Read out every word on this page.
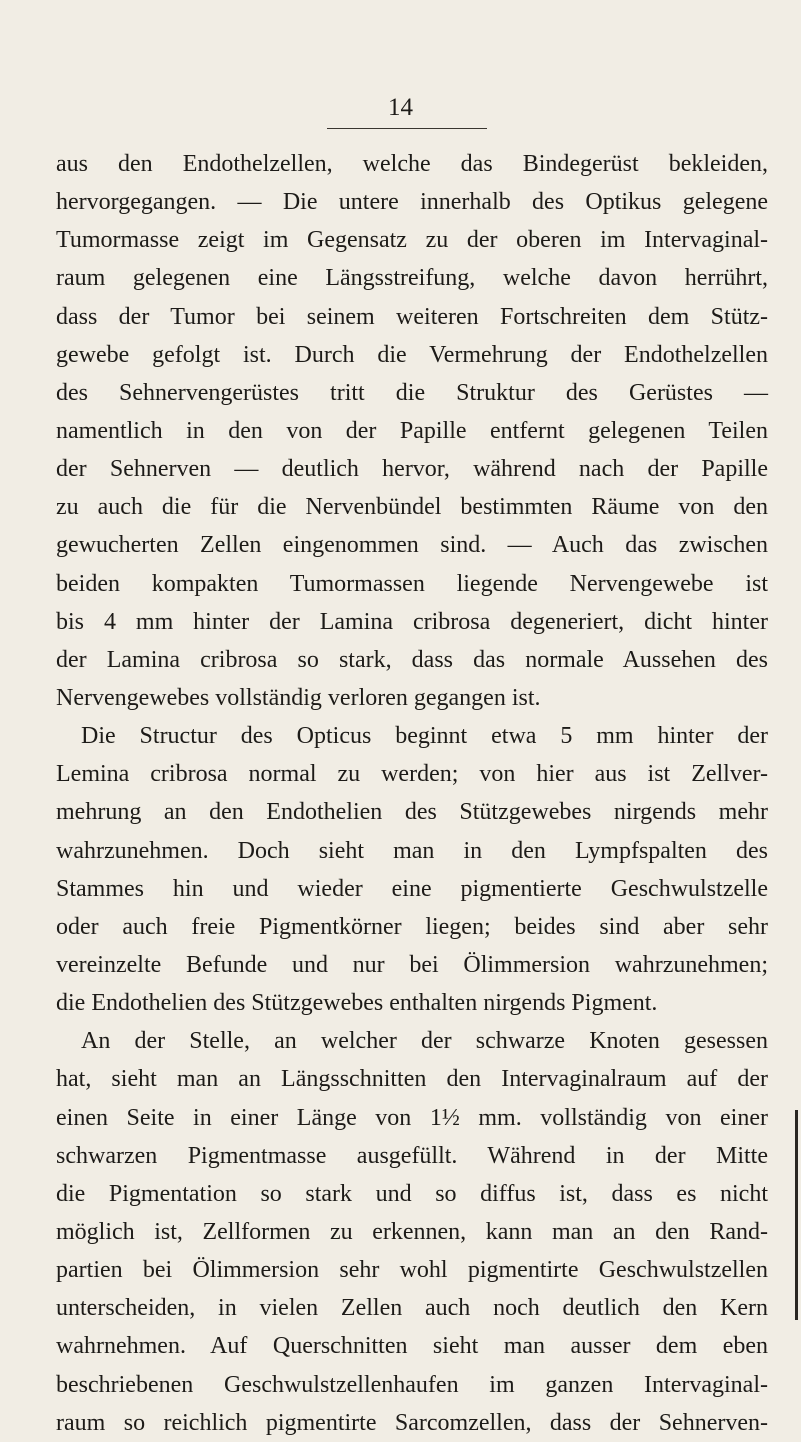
14
aus den Endothelzellen, welche das Bindegerüst bekleiden,
hervorgegangen. — Die untere innerhalb des Optikus gelegene
Tumormasse zeigt im Gegensatz zu der oberen im Intervaginal-
raum gelegenen eine Längsstreifung, welche davon herrührt,
dass der Tumor bei seinem weiteren Fortschreiten dem Stütz-
gewebe gefolgt ist. Durch die Vermehrung der Endothelzellen
des Sehnervengerüstes tritt die Struktur des Gerüstes —
namentlich in den von der Papille entfernt gelegenen Teilen
der Sehnerven — deutlich hervor, während nach der Papille
zu auch die für die Nervenbündel bestimmten Räume von den
gewucherten Zellen eingenommen sind. — Auch das zwischen
beiden kompakten Tumormassen liegende Nervengewebe ist
bis 4 mm hinter der Lamina cribrosa degeneriert, dicht hinter
der Lamina cribrosa so stark, dass das normale Aussehen des
Nervengewebes vollständig verloren gegangen ist.
Die Structur des Opticus beginnt etwa 5 mm hinter der
Lemina cribrosa normal zu werden; von hier aus ist Zellver-
mehrung an den Endothelien des Stützgewebes nirgends mehr
wahrzunehmen. Doch sieht man in den Lympfspalten des
Stammes hin und wieder eine pigmentierte Geschwulstzelle
oder auch freie Pigmentkörner liegen; beides sind aber sehr
vereinzelte Befunde und nur bei Ölimmersion wahrzunehmen;
die Endothelien des Stützgewebes enthalten nirgends Pigment.
An der Stelle, an welcher der schwarze Knoten gesessen
hat, sieht man an Längsschnitten den Intervaginalraum auf der
einen Seite in einer Länge von 1½ mm. vollständig von einer
schwarzen Pigmentmasse ausgefüllt. Während in der Mitte
die Pigmentation so stark und so diffus ist, dass es nicht
möglich ist, Zellformen zu erkennen, kann man an den Rand-
partien bei Ölimmersion sehr wohl pigmentirte Geschwulstzellen
unterscheiden, in vielen Zellen auch noch deutlich den Kern
wahrnehmen. Auf Querschnitten sieht man ausser dem eben
beschriebenen Geschwulstzellenhaufen im ganzen Intervaginal-
raum so reichlich pigmentirte Sarcomzellen, dass der Sehnerven-
